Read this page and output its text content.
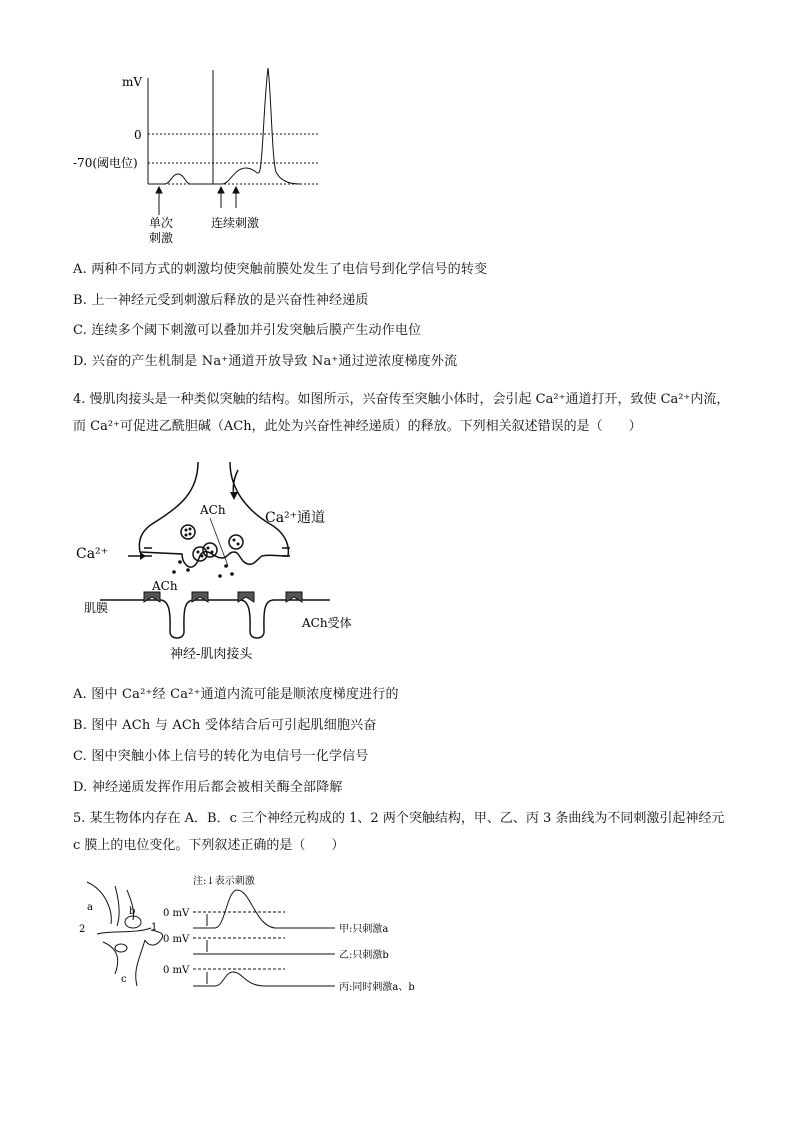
mV
0
-70(阈电位)
单次
刺激
连续刺激
A. 两种不同方式的刺激均使突触前膜处发生了电信号到化学信号的转变
B. 上一神经元受到刺激后释放的是兴奋性神经递质
C. 连续多个阈下刺激可以叠加并引发突触后膜产生动作电位
D. 兴奋的产生机制是 Na⁺通道开放导致 Na⁺通过逆浓度梯度外流
4. 慢肌肉接头是一种类似突触的结构。如图所示，兴奋传至突触小体时，会引起 Ca²⁺通道打开，致使 Ca²⁺内流，而 Ca²⁺可促进乙酰胆碱（ACh，此处为兴奋性神经递质）的释放。下列相关叙述错误的是（　　）
ACh	Ca²⁺通道
Ca²⁺
ACh
肌膜
ACh受体
神经-肌肉接头
A. 图中 Ca²⁺经 Ca²⁺通道内流可能是顺浓度梯度进行的
B. 图中 ACh 与 ACh 受体结合后可引起肌细胞兴奋
C. 图中突触小体上信号的转化为电信号一化学信号
D. 神经递质发挥作用后都会被相关酶全部降解
5. 某生物体内存在 A．B．c 三个神经元构成的 1、2 两个突触结构，甲、乙、丙 3 条曲线为不同刺激引起神经元 c 膜上的电位变化。下列叙述正确的是（　　）
a	b
c
2	1
注:↓表示刺激
0 mV
0 mV
0 mV
甲:只刺激a
乙:只刺激b
丙:同时刺激a、b
